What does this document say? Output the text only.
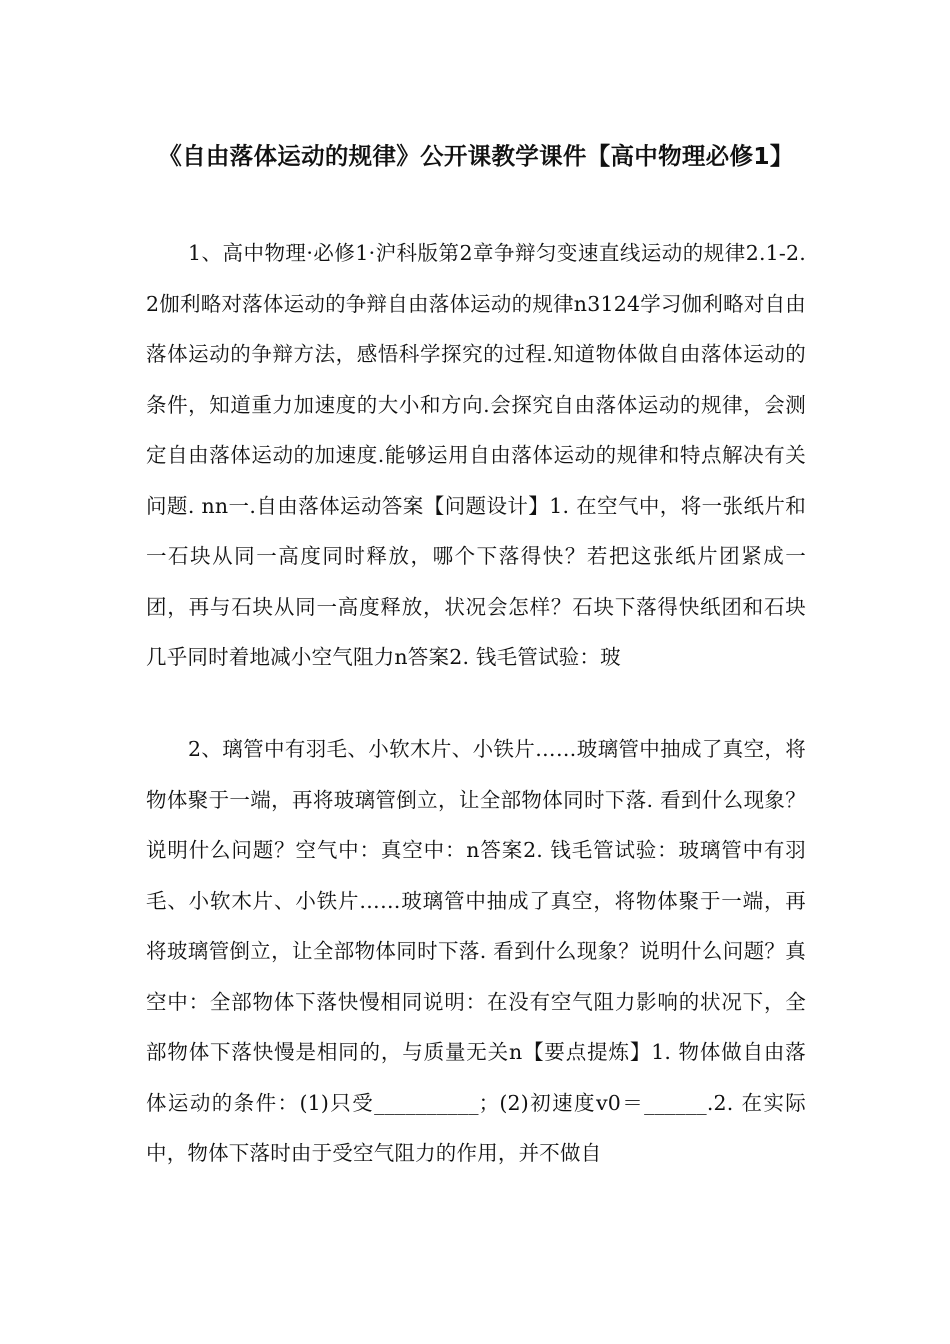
《自由落体运动的规律》公开课教学课件【高中物理必修1】

1、高中物理·必修1·沪科版第2章争辩匀变速直线运动的规律2.1-2.2伽利略对落体运动的争辩自由落体运动的规律n3124学习伽利略对自由落体运动的争辩方法，感悟科学探究的过程.知道物体做自由落体运动的条件，知道重力加速度的大小和方向.会探究自由落体运动的规律，会测定自由落体运动的加速度.能够运用自由落体运动的规律和特点解决有关问题. nn一.自由落体运动答案【问题设计】1. 在空气中，将一张纸片和一石块从同一高度同时释放，哪个下落得快？若把这张纸片团紧成一团，再与石块从同一高度释放，状况会怎样？石块下落得快纸团和石块几乎同时着地减小空气阻力n答案2. 钱毛管试验：玻

2、璃管中有羽毛、小软木片、小铁片……玻璃管中抽成了真空，将物体聚于一端，再将玻璃管倒立，让全部物体同时下落. 看到什么现象？说明什么问题？空气中：真空中：n答案2. 钱毛管试验：玻璃管中有羽毛、小软木片、小铁片……玻璃管中抽成了真空，将物体聚于一端，再将玻璃管倒立，让全部物体同时下落. 看到什么现象？说明什么问题？真空中：全部物体下落快慢相同说明：在没有空气阻力影响的状况下，全部物体下落快慢是相同的，与质量无关n【要点提炼】1. 物体做自由落体运动的条件：(1)只受__________；(2)初速度v0＝______.2. 在实际中，物体下落时由于受空气阻力的作用，并不做自
